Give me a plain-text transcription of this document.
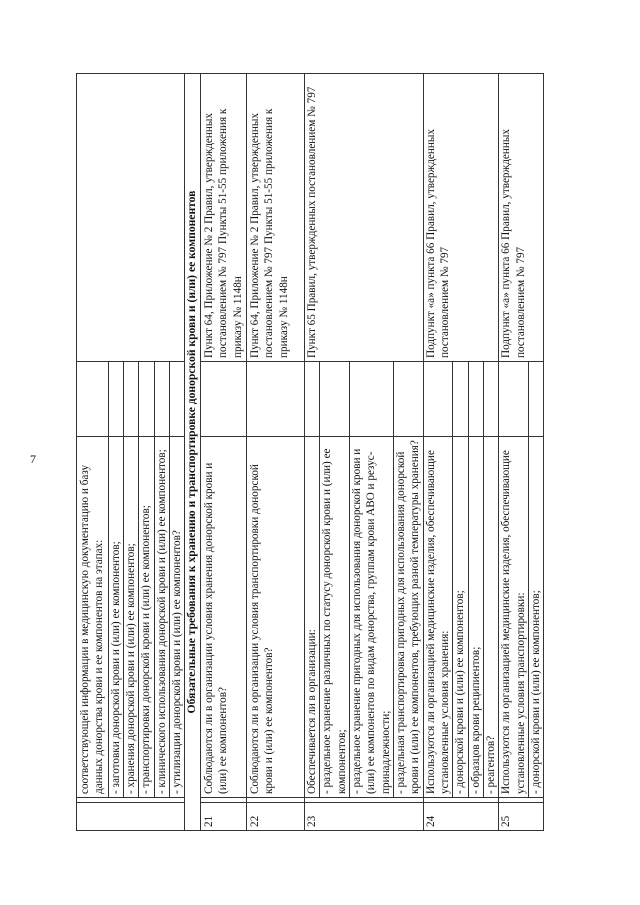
7
		соответствующей информации в медицинскую документацию и базу данных донорства крови и ее компонентов на этапах:		
		- заготовки донорской крови и (или) ее компонентов;		
		- хранения донорской крови и (или) ее компонентов;		
		- транспортировки донорской крови и (или) ее компонентов;		
		- клинического использования донорской крови и (или) ее компонентов;		
		- утилизации донорской крови и (или) ее компонентов?		
Обязательные требования к хранению и транспортировке донорской крови и (или) ее компонентов				
21		Соблюдаются ли в организации условия хранения донорской крови и (или) ее компонентов?		Пункт 64, Приложение № 2 Правил, утвержденных постановлением № 797 Пункты 51-55 приложения к приказу № 1148н
22		Соблюдаются ли в организации условия транспортировки донорской крови и (или) ее компонентов?		Пункт 64, Приложение № 2 Правил, утвержденных постановлением № 797 Пункты 51-55 приложения к приказу № 1148н
23		Обеспечивается ли в организации:		Пункт 65 Правил, утвержденных постановлением № 797
		- раздельное хранение различных по статусу донорской крови и (или) ее компонентов;		
		- раздельное хранение пригодных для использования донорской крови и (или) ее компонентов по видам донорства, группам крови АВО и резус-принадлежности;		
		- раздельная транспортировка пригодных для использования донорской крови и (или) ее компонентов, требующих разной температуры хранения?		
24		Используются ли организацией медицинские изделия, обеспечивающие установленные условия хранения:		Подпункт «а» пункта 66 Правил, утвержденных постановлением № 797
		- донорской крови и (или) ее компонентов;		
		- образцов крови реципиентов;		
		- реагентов?		
25		Используются ли организацией медицинские изделия, обеспечивающие установленные условия транспортировки:		Подпункт «а» пункта 66 Правил, утвержденных постановлением № 797
		- донорской крови и (или) ее компонентов;		
